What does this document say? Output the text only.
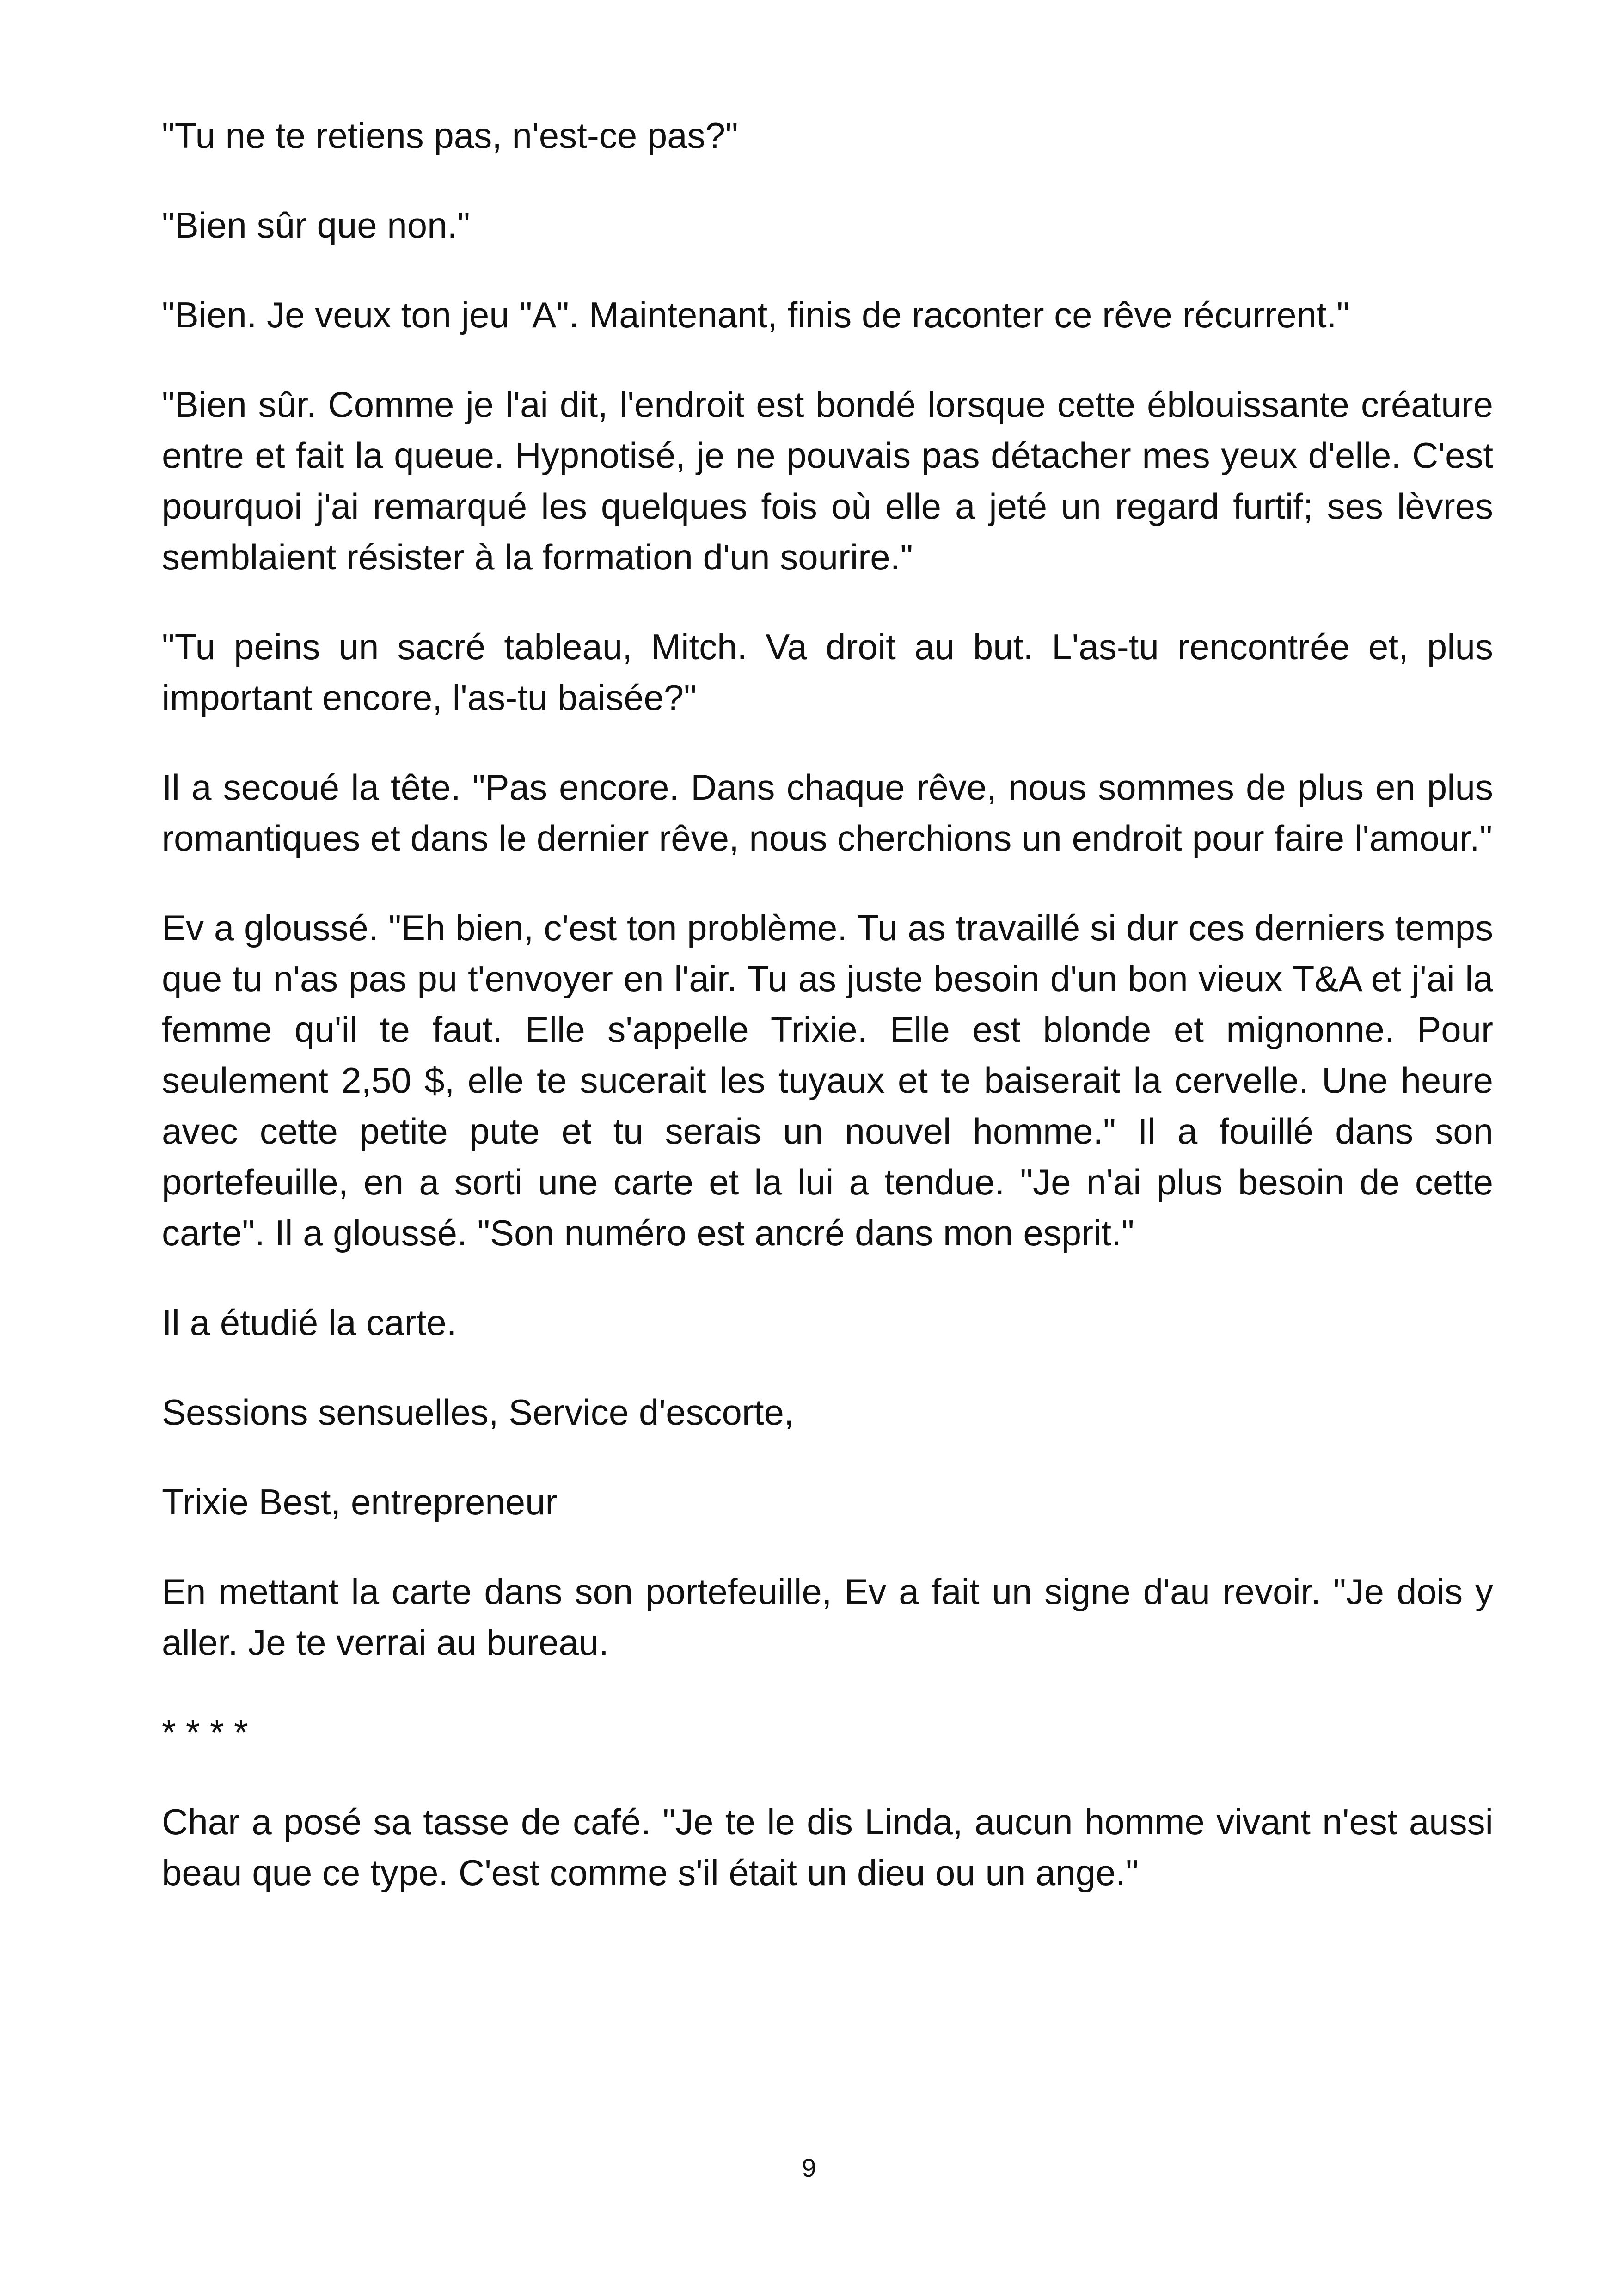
"Tu ne te retiens pas, n'est-ce pas?"

"Bien sûr que non."

"Bien. Je veux ton jeu "A". Maintenant, finis de raconter ce rêve récurrent."

"Bien sûr. Comme je l'ai dit, l'endroit est bondé lorsque cette éblouissante créature entre et fait la queue. Hypnotisé, je ne pouvais pas détacher mes yeux d'elle. C'est pourquoi j'ai remarqué les quelques fois où elle a jeté un regard furtif; ses lèvres semblaient résister à la formation d'un sourire."

"Tu peins un sacré tableau, Mitch. Va droit au but. L'as-tu rencontrée et, plus important encore, l'as-tu baisée?"

Il a secoué la tête. "Pas encore. Dans chaque rêve, nous sommes de plus en plus romantiques et dans le dernier rêve, nous cherchions un endroit pour faire l'amour."

Ev a gloussé. "Eh bien, c'est ton problème. Tu as travaillé si dur ces derniers temps que tu n'as pas pu t'envoyer en l'air. Tu as juste besoin d'un bon vieux T&A et j'ai la femme qu'il te faut. Elle s'appelle Trixie. Elle est blonde et mignonne. Pour seulement 2,50 $, elle te sucerait les tuyaux et te baiserait la cervelle. Une heure avec cette petite pute et tu serais un nouvel homme." Il a fouillé dans son portefeuille, en a sorti une carte et la lui a tendue. "Je n'ai plus besoin de cette carte". Il a gloussé. "Son numéro est ancré dans mon esprit."

Il a étudié la carte.

Sessions sensuelles, Service d'escorte,

Trixie Best, entrepreneur

En mettant la carte dans son portefeuille, Ev a fait un signe d'au revoir. "Je dois y aller. Je te verrai au bureau.

* * * *

Char a posé sa tasse de café. "Je te le dis Linda, aucun homme vivant n'est aussi beau que ce type. C'est comme s'il était un dieu ou un ange."

9
